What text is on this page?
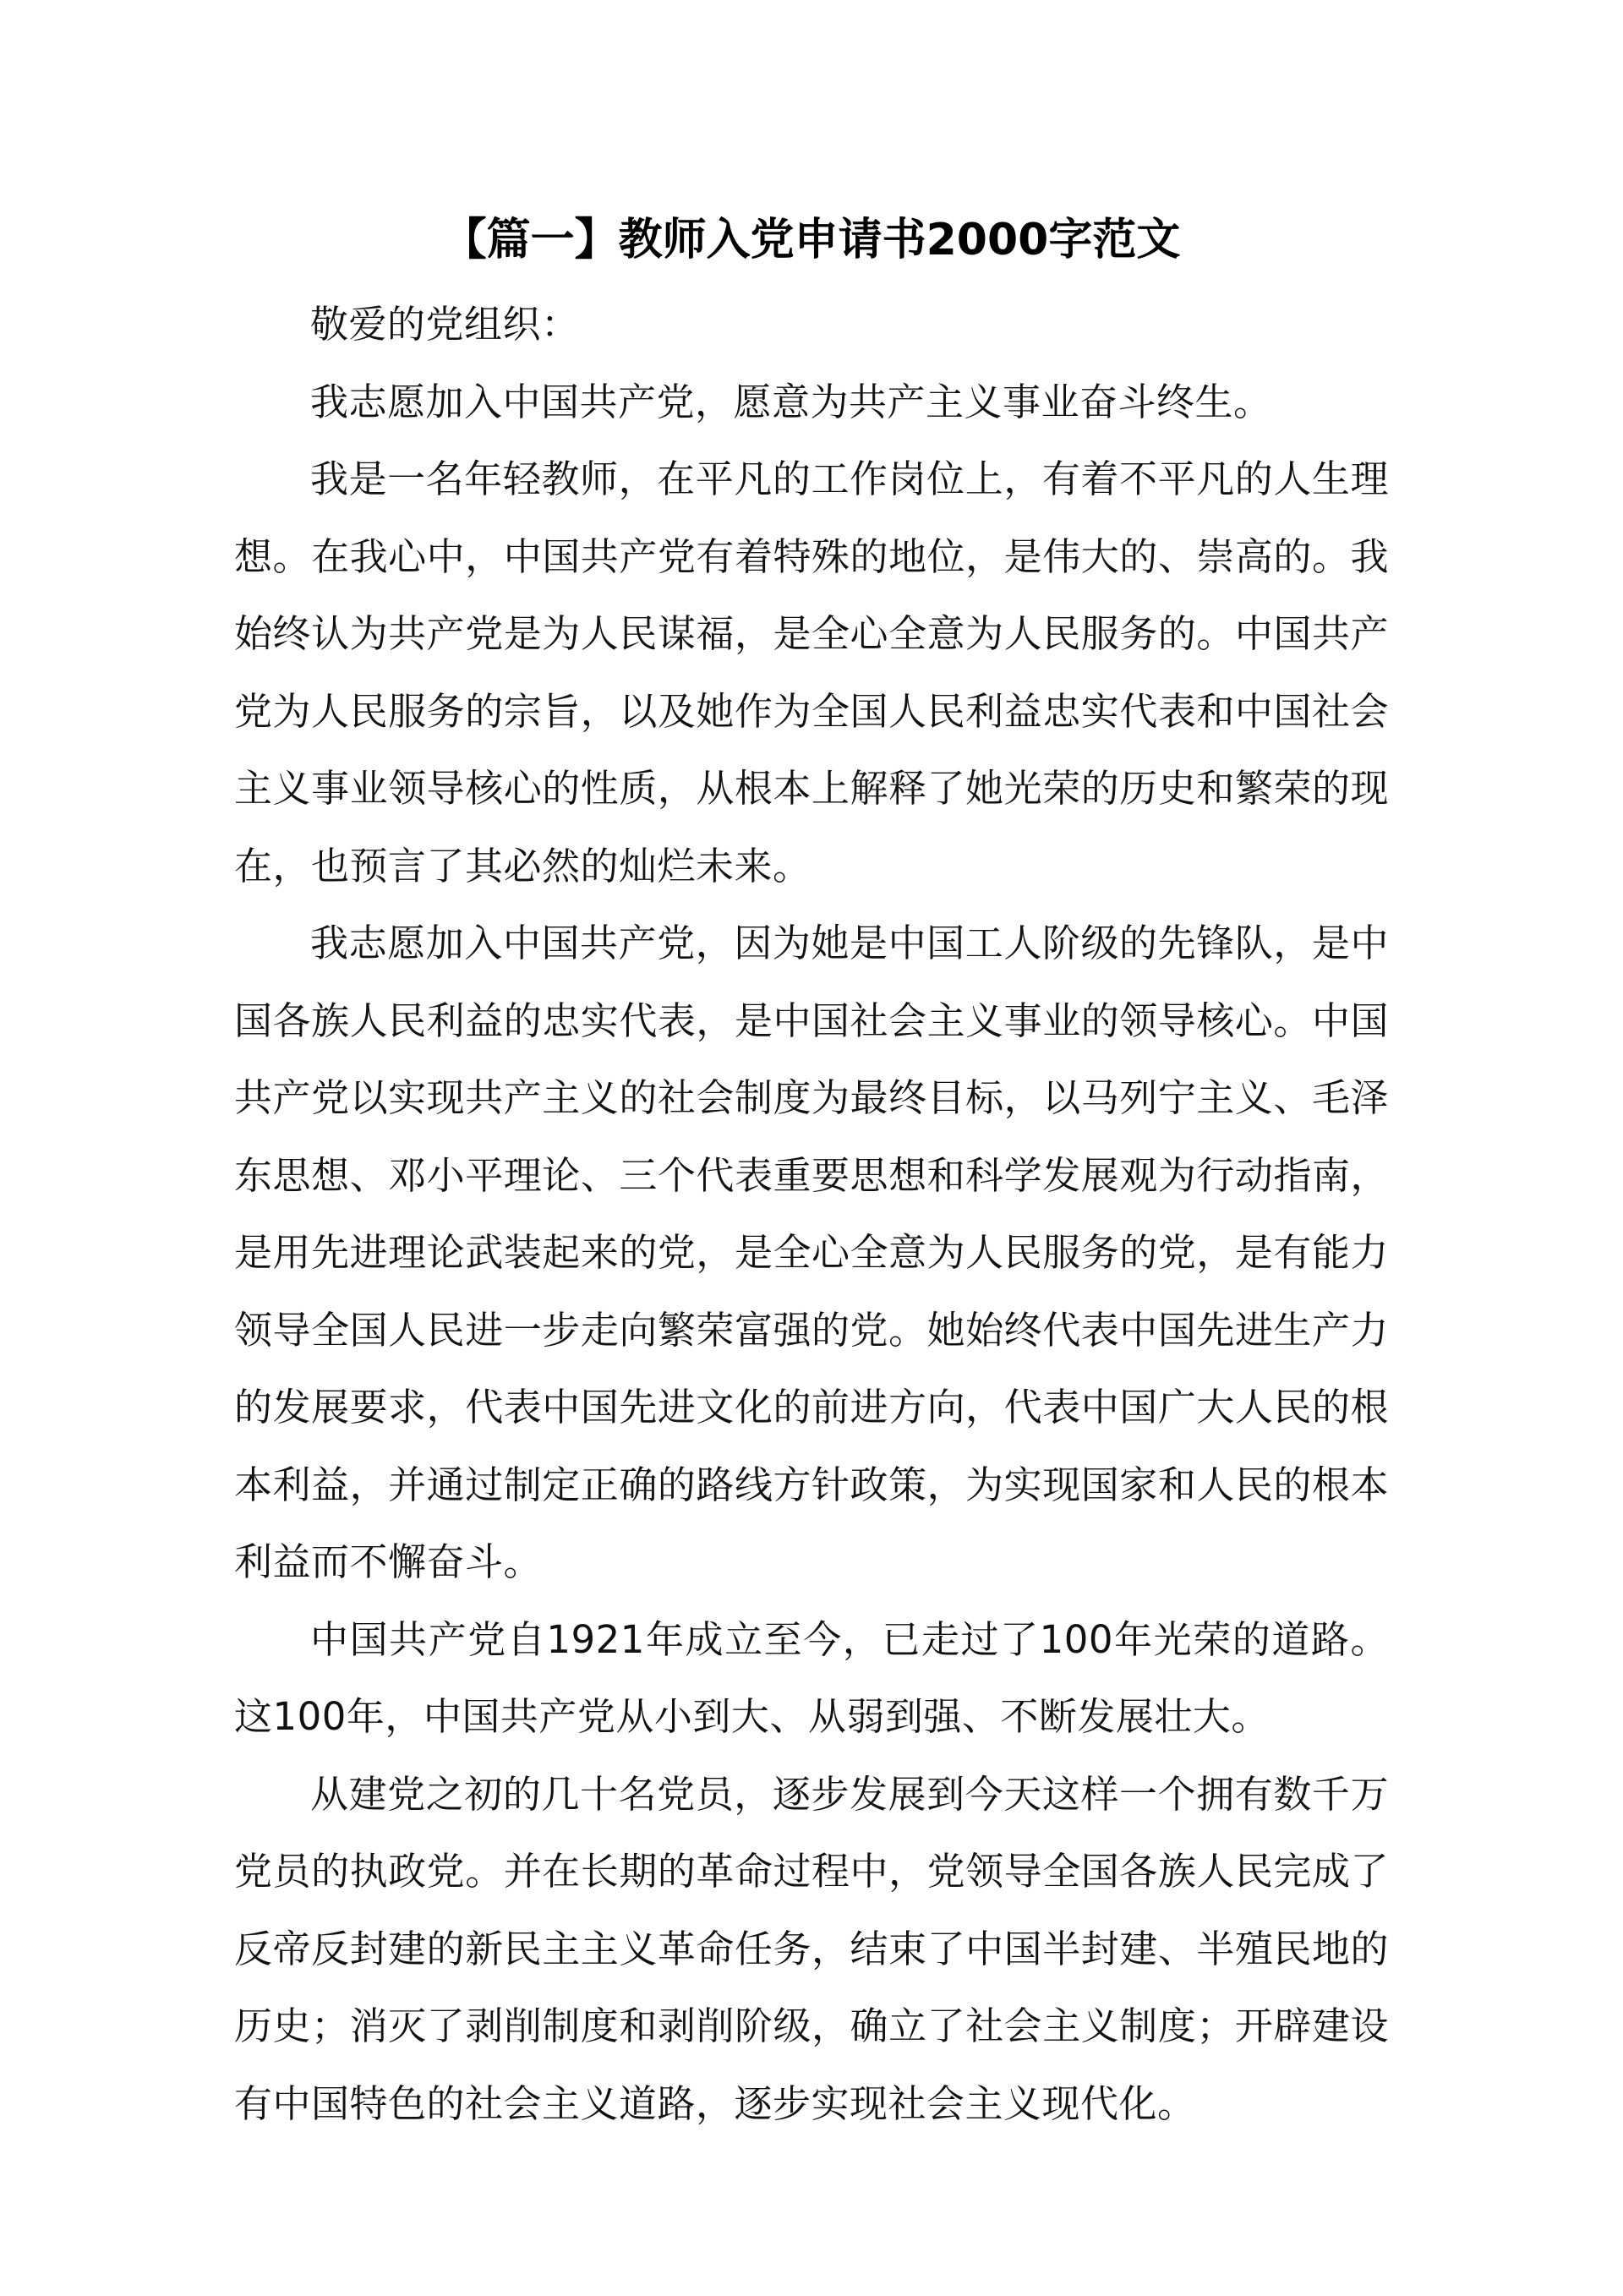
【篇一】教师入党申请书2000字范文

敬爱的党组织：

我志愿加入中国共产党，愿意为共产主义事业奋斗终生。

我是一名年轻教师，在平凡的工作岗位上，有着不平凡的人生理想。在我心中，中国共产党有着特殊的地位，是伟大的、崇高的。我始终认为共产党是为人民谋福，是全心全意为人民服务的。中国共产党为人民服务的宗旨，以及她作为全国人民利益忠实代表和中国社会主义事业领导核心的性质，从根本上解释了她光荣的历史和繁荣的现在，也预言了其必然的灿烂未来。

我志愿加入中国共产党，因为她是中国工人阶级的先锋队，是中国各族人民利益的忠实代表，是中国社会主义事业的领导核心。中国共产党以实现共产主义的社会制度为最终目标，以马列宁主义、毛泽东思想、邓小平理论、三个代表重要思想和科学发展观为行动指南，是用先进理论武装起来的党，是全心全意为人民服务的党，是有能力领导全国人民进一步走向繁荣富强的党。她始终代表中国先进生产力的发展要求，代表中国先进文化的前进方向，代表中国广大人民的根本利益，并通过制定正确的路线方针政策，为实现国家和人民的根本利益而不懈奋斗。

中国共产党自1921年成立至今，已走过了100年光荣的道路。这100年，中国共产党从小到大、从弱到强、不断发展壮大。

从建党之初的几十名党员，逐步发展到今天这样一个拥有数千万党员的执政党。并在长期的革命过程中，党领导全国各族人民完成了反帝反封建的新民主主义革命任务，结束了中国半封建、半殖民地的历史；消灭了剥削制度和剥削阶级，确立了社会主义制度；开辟建设有中国特色的社会主义道路，逐步实现社会主义现代化。
